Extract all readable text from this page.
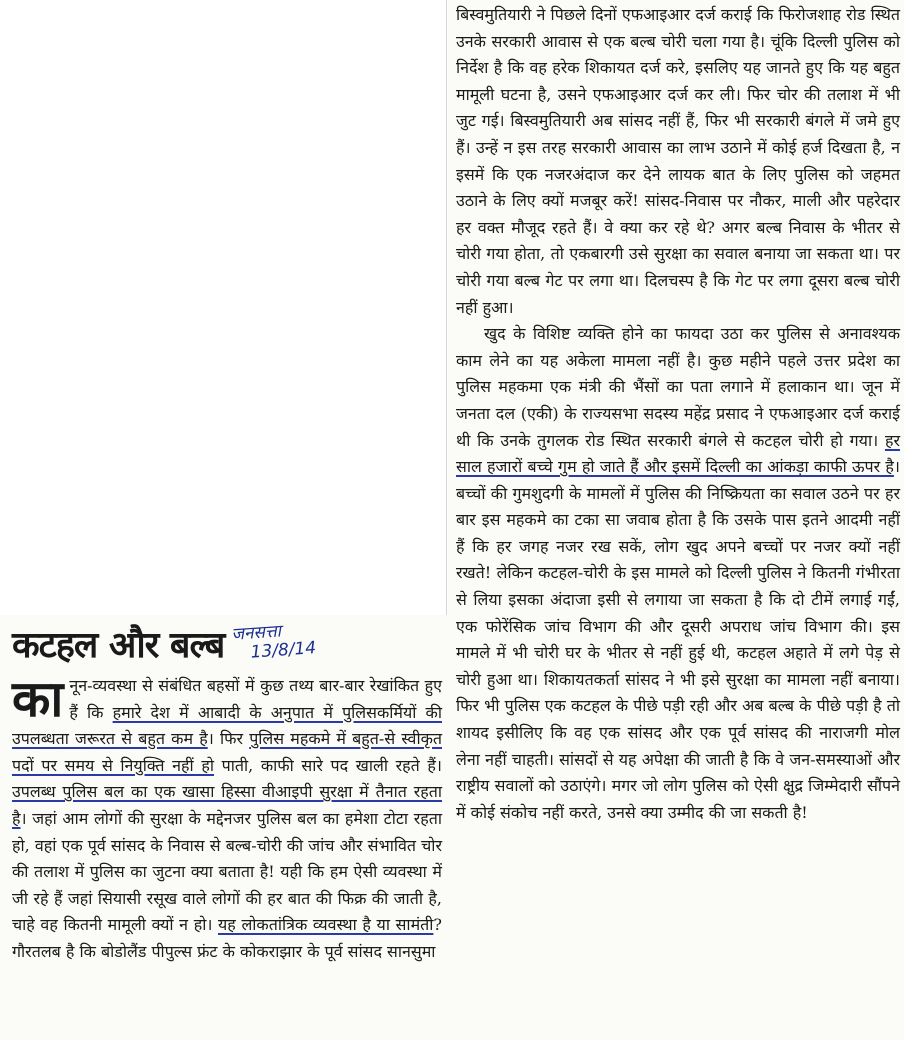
बिस्वमुतियारी ने पिछले दिनों एफआइआर दर्ज कराई कि फिरोजशाह रोड स्थित उनके सरकारी आवास से एक बल्ब चोरी चला गया है। चूंकि दिल्ली पुलिस को निर्देश है कि वह हरेक शिकायत दर्ज करे, इसलिए यह जानते हुए कि यह बहुत मामूली घटना है, उसने एफआइआर दर्ज कर ली। फिर चोर की तलाश में भी जुट गई। बिस्वमुतियारी अब सांसद नहीं हैं, फिर भी सरकारी बंगले में जमे हुए हैं। उन्हें न इस तरह सरकारी आवास का लाभ उठाने में कोई हर्ज दिखता है, न इसमें कि एक नजरअंदाज कर देने लायक बात के लिए पुलिस को जहमत उठाने के लिए क्यों मजबूर करें! सांसद-निवास पर नौकर, माली और पहरेदार हर वक्त मौजूद रहते हैं। वे क्या कर रहे थे? अगर बल्ब निवास के भीतर से चोरी गया होता, तो एकबारगी उसे सुरक्षा का सवाल बनाया जा सकता था। पर चोरी गया बल्ब गेट पर लगा था। दिलचस्प है कि गेट पर लगा दूसरा बल्ब चोरी नहीं हुआ।

खुद के विशिष्ट व्यक्ति होने का फायदा उठा कर पुलिस से अनावश्यक काम लेने का यह अकेला मामला नहीं है। कुछ महीने पहले उत्तर प्रदेश का पुलिस महकमा एक मंत्री की भैंसों का पता लगाने में हलाकान था। जून में जनता दल (एकी) के राज्यसभा सदस्य महेंद्र प्रसाद ने एफआइआर दर्ज कराई थी कि उनके तुगलक रोड स्थित सरकारी बंगले से कटहल चोरी हो गया। हर साल हजारों बच्चे गुम हो जाते हैं और इसमें दिल्ली का आंकड़ा काफी ऊपर है। बच्चों की गुमशुदगी के मामलों में पुलिस की निष्क्रियता का सवाल उठने पर हर बार इस महकमे का टका सा जवाब होता है कि उसके पास इतने आदमी नहीं हैं कि हर जगह नजर रख सकें, लोग खुद अपने बच्चों पर नजर क्यों नहीं रखते! लेकिन कटहल-चोरी के इस मामले को दिल्ली पुलिस ने कितनी गंभीरता से लिया इसका अंदाजा इसी से लगाया जा सकता है कि दो टीमें लगाई गईं, एक फोरेंसिक जांच विभाग की और दूसरी अपराध जांच विभाग की। इस मामले में भी चोरी घर के भीतर से नहीं हुई थी, कटहल अहाते में लगे पेड़ से चोरी हुआ था। शिकायतकर्ता सांसद ने भी इसे सुरक्षा का मामला नहीं बनाया। फिर भी पुलिस एक कटहल के पीछे पड़ी रही और अब बल्ब के पीछे पड़ी है तो शायद इसीलिए कि वह एक सांसद और एक पूर्व सांसद की नाराजगी मोल लेना नहीं चाहती। सांसदों से यह अपेक्षा की जाती है कि वे जन-समस्याओं और राष्ट्रीय सवालों को उठाएंगे। मगर जो लोग पुलिस को ऐसी क्षुद्र जिम्मेदारी सौंपने में कोई संकोच नहीं करते, उनसे क्या उम्मीद की जा सकती है!

कटहल और बल्ब जनसत्ता
13/8/14
का नून-व्यवस्था से संबंधित बहसों में कुछ तथ्य बार-बार रेखांकित हुए हैं कि हमारे देश में आबादी के अनुपात में पुलिसकर्मियों की उपलब्धता जरूरत से बहुत कम है। फिर पुलिस महकमे में बहुत-से स्वीकृत पदों पर समय से नियुक्ति नहीं हो पाती, काफी सारे पद खाली रहते हैं। उपलब्ध पुलिस बल का एक खासा हिस्सा वीआइपी सुरक्षा में तैनात रहता है। जहां आम लोगों की सुरक्षा के मद्देनजर पुलिस बल का हमेशा टोटा रहता हो, वहां एक पूर्व सांसद के निवास से बल्ब-चोरी की जांच और संभावित चोर की तलाश में पुलिस का जुटना क्या बताता है! यही कि हम ऐसी व्यवस्था में जी रहे हैं जहां सियासी रसूख वाले लोगों की हर बात की फिक्र की जाती है, चाहे वह कितनी मामूली क्यों न हो। यह लोकतांत्रिक व्यवस्था है या सामंती? गौरतलब है कि बोडोलैंड पीपुल्स फ्रंट के कोकराझार के पूर्व सांसद सानसुमा
